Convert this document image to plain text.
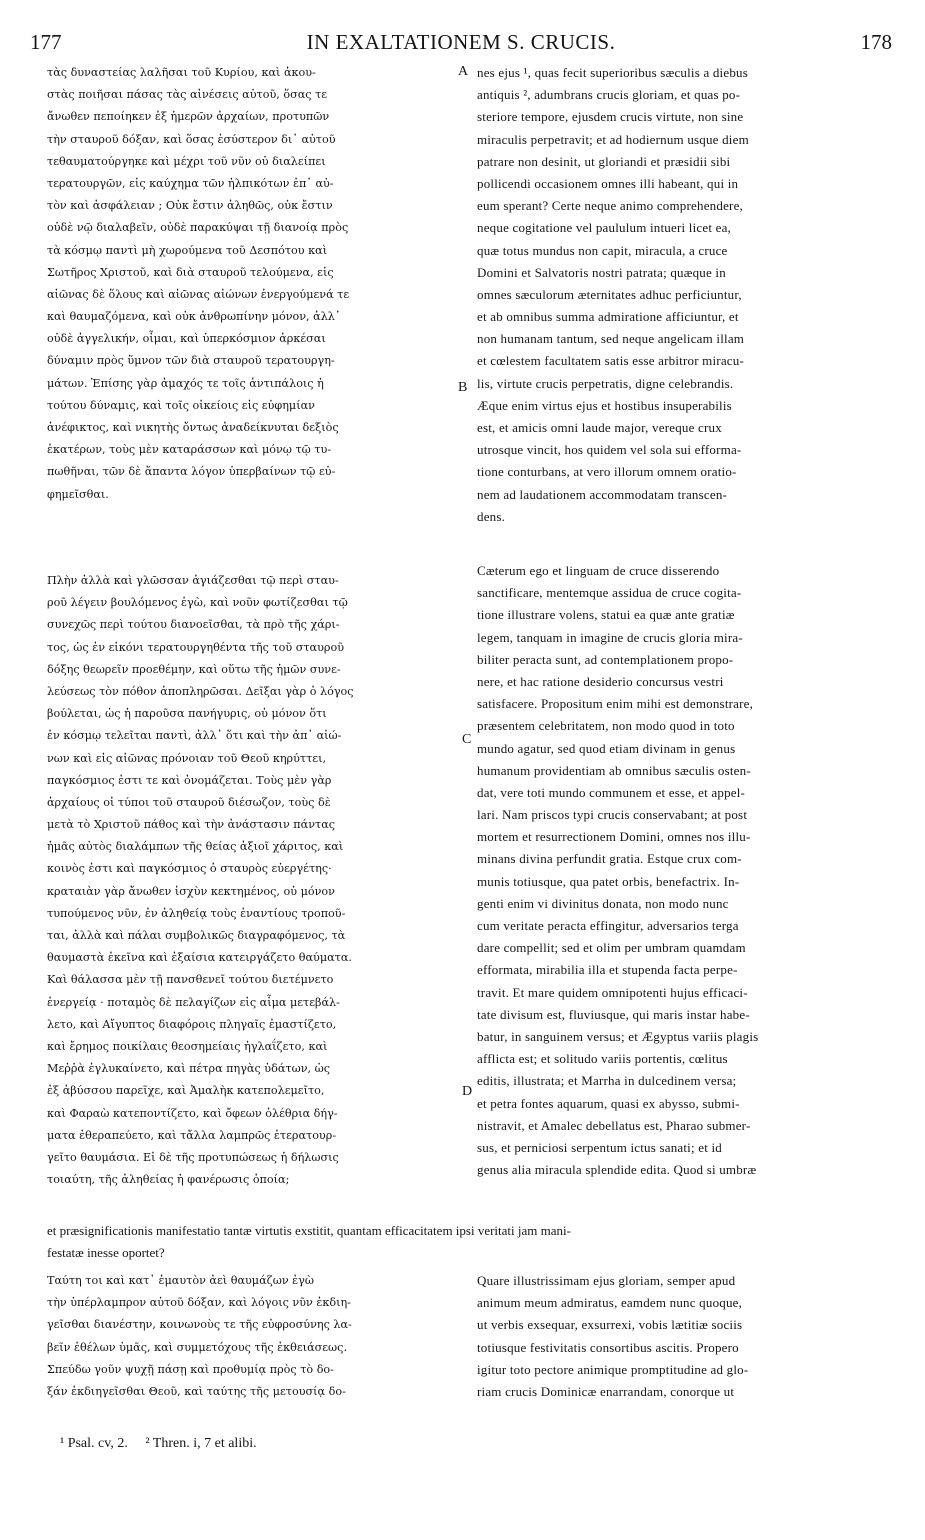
177	IN EXALTATIONEM S. CRUCIS.	178
τὰς δυναστείας λαλῆσαι τοῦ Κυρίου, καὶ ἀκου-
στὰς ποιῆσαι πάσας τὰς αἰνέσεις αὐτοῦ, ὅσας τε
ἄνωθεν πεποίηκεν ἐξ ἡμερῶν ἀρχαίων, προτυπῶν
τὴν σταυροῦ δόξαν, καὶ ὅσας ἑσύστερον δι᾿ αὐτοῦ
τεθαυματούργηκε καὶ μέχρι τοῦ νῦν οὐ διαλείπει
τερατουργῶν, εἰς καύχημα τῶν ἠλπικότων ἐπ᾿ αὐ-
τὸν καὶ ἀσφάλειαν ; Οὐκ ἔστιν ἀληθῶς, οὐκ ἔστιν
οὐδὲ νῷ διαλαβεῖν, οὐδὲ παρακύψαι τῇ διανοίᾳ πρὸς
τὰ κόσμῳ παντὶ μὴ χωρούμενα τοῦ Δεσπότου καὶ
Σωτῆρος Χριστοῦ, καὶ διὰ σταυροῦ τελούμενα, εἰς
αἰῶνας δὲ ὅλους καὶ αἰῶνας αἰώνων ἐνεργούμενά τε
καὶ θαυμαζόμενα, καὶ οὐκ ἀνθρωπίνην μόνον, ἀλλ᾿
οὐδὲ ἀγγελικήν, οἶμαι, καὶ ὑπερκόσμιον ἀρκέσαι
δύναμιν πρὸς ὕμνον τῶν διὰ σταυροῦ τερατουργη-
μάτων. Ἐπίσης γὰρ ἀμαχός τε τοῖς ἀντιπάλοις ἡ
τούτου δύναμις, καὶ τοῖς οἰκείοις εἰς εὐφημίαν
ἀνέφικτος, καὶ νικητὴς ὄντως ἀναδείκνυται δεξιὸς
ἑκατέρων, τοὺς μὲν καταράσσων καὶ μόνῳ τῷ τυ-
πωθῆναι, τῶν δὲ ἅπαντα λόγον ὑπερβαίνων τῷ εὐ-
φημεῖσθαι.
Πλὴν ἀλλὰ καὶ γλῶσσαν ἁγιάζεσθαι τῷ περὶ σταυ-
ροῦ λέγειν βουλόμενος ἐγὼ, καὶ νοῦν φωτίζεσθαι τῷ
συνεχῶς περὶ τούτου διανοεῖσθαι, τὰ πρὸ τῆς χάρι-
τος, ὡς ἐν εἰκόνι τερατουργηθέντα τῆς τοῦ σταυροῦ
δόξης θεωρεῖν προεθέμην, καὶ οὕτω τῆς ἡμῶν συνε-
λεύσεως τὸν πόθον ἀποπληρῶσαι. Δεῖξαι γὰρ ὁ λόγος
βούλεται, ὡς ἡ παροῦσα πανήγυρις, οὐ μόνον ὅτι
ἐν κόσμῳ τελεῖται παντὶ, ἀλλ᾿ ὅτι καὶ τὴν ἀπ᾿ αἰώ-
νων καὶ εἰς αἰῶνας πρόνοιαν τοῦ Θεοῦ κηρύττει,
παγκόσμιος ἐστι τε καὶ ὀνομάζεται. Τοὺς μὲν γὰρ
ἀρχαίους οἱ τύποι τοῦ σταυροῦ διέσωζον, τοὺς δὲ
μετὰ τὸ Χριστοῦ πάθος καὶ τὴν ἀνάστασιν πάντας
ἡμᾶς αὐτὸς διαλάμπων τῆς θείας ἀξιοῖ χάριτος, καὶ
κοινὸς ἐστι καὶ παγκόσμιος ὁ σταυρὸς εὐεργέτης·
κραταιὰν γὰρ ἄνωθεν ἰσχὺν κεκτημένος, οὐ μόνον
τυπούμενος νῦν, ἐν ἀληθείᾳ τοὺς ἐναντίους τροποῦ-
ται, ἀλλὰ καὶ πάλαι συμβολικῶς διαγραφόμενος, τὰ
θαυμαστὰ ἐκεῖνα καὶ ἐξαίσια κατειργάζετο θαύματα.
Καὶ θάλασσα μὲν τῇ πανσθενεῖ τούτου διετέμνετο
ἐνεργείᾳ · ποταμὸς δὲ πελαγίζων εἰς αἷμα μετεβάλ-
λετο, καὶ Αἴγυπτος διαφόροις πληγαῖς ἐμαστίζετο,
καὶ ἔρημος ποικίλαις θεοσημείαις ἠγλαΐζετο, καὶ
Μεῤῥὰ ἐγλυκαίνετο, καὶ πέτρα πηγὰς ὑδάτων, ὡς
ἐξ ἀβύσσου παρεῖχε, καὶ Ἀμαλὴκ κατεπολεμεῖτο,
καὶ Φαραὼ κατεποντίζετο, καὶ ὄφεων ὀλέθρια δήγ-
ματα ἐθεραπεύετο, καὶ τἄλλα λαμπρῶς ἐτερατουρ-
γεῖτο θαυμάσια. Εἰ δὲ τῆς προτυπώσεως ἡ δήλωσις
τοιαύτη, τῆς ἀληθείας ἡ φανέρωσις ὁποία;
nes ejus ¹, quas fecit superioribus sæculis a diebus
antiquis ², adumbrans crucis gloriam, et quas po-
steriore tempore, ejusdem crucis virtute, non sine
miraculis perpetravit; et ad hodiernum usque diem
patrare non desinit, ut gloriandi et præsidii sibi
pollicendi occasionem omnes illi habeant, qui in
eum sperant? Certe neque animo comprehendere,
neque cogitatione vel paululum intueri licet ea,
quæ totus mundus non capit, miracula, a cruce
Domini et Salvatoris nostri patrata; quæque in
omnes sæculorum æternitates adhuc perficiuntur,
et ab omnibus summa admiratione afficiuntur, et
non humanam tantum, sed neque angelicam illam
et cœlestem facultatem satis esse arbitror miracu-
lis, virtute crucis perpetratis, digne celebrandis.
Æque enim virtus ejus et hostibus insuperabilis
est, et amicis omni laude major, vereque crux
utrosque vincit, hos quidem vel sola sui efforma-
tione conturbans, at vero illorum omnem oratio-
nem ad laudationem accommodatam transcen-
dens.
Cæterum ego et linguam de cruce disserendo
sanctificare, mentemque assidua de cruce cogita-
tione illustrare volens, statui ea quæ ante gratiæ
legem, tanquam in imagine de crucis gloria mira-
biliter peracta sunt, ad contemplationem propo-
nere, et hac ratione desiderio concursus vestri
satisfacere. Propositum enim mihi est demonstrare,
præsentem celebritatem, non modo quod in toto
mundo agatur, sed quod etiam divinam in genus
humanum providentiam ab omnibus sæculis osten-
dat, vere toti mundo communem et esse, et appel-
lari. Nam priscos typi crucis conservabant; at post
mortem et resurrectionem Domini, omnes nos illu-
minans divina perfundit gratia. Estque crux com-
munis totiusque, qua patet orbis, benefactrix. In-
genti enim vi divinitus donata, non modo nunc
cum veritate peracta effingitur, adversarios terga
dare compellit; sed et olim per umbram quamdam
efformata, mirabilia illa et stupenda facta perpe-
travit. Et mare quidem omnipotenti hujus efficaci-
tate divisum est, fluviusque, qui maris instar habe-
batur, in sanguinem versus; et Ægyptus variis plagis
afflicta est; et solitudo variis portentis, cœlitus
editis, illustrata; et Marrha in dulcedinem versa;
et petra fontes aquarum, quasi ex abysso, submi-
nistravit, et Amalec debellatus est, Pharao submer-
sus, et perniciosi serpentum ictus sanati; et id
genus alia miracula splendide edita. Quod si umbræ
A
B
C
D
et præsignificationis manifestatio tantæ virtutis exstitit, quantam efficacitatem ipsi veritati jam mani-
festatæ inesse oportet?
Ταύτη τοι καὶ κατ᾿ ἐμαυτὸν ἀεὶ θαυμάζων ἐγὼ
τὴν ὑπέρλαμπρον αὐτοῦ δόξαν, καὶ λόγοις νῦν ἐκδιη-
γεῖσθαι διανέστην, κοινωνοὺς τε τῆς εὐφροσύνης λα-
βεῖν ἐθέλων ὑμᾶς, καὶ συμμετόχους τῆς ἐκθειάσεως.
Σπεύδω γοῦν ψυχῇ πάσῃ καὶ προθυμίᾳ πρὸς τὸ δο-
ξάν ἐκδιηγεῖσθαι Θεοῦ, καὶ ταύτης τῆς μετουσίᾳ δο-
Quare illustrissimam ejus gloriam, semper apud
animum meum admiratus, eamdem nunc quoque,
ut verbis exsequar, exsurrexi, vobis lætitiæ sociis
totiusque festivitatis consortibus ascitis. Propero
igitur toto pectore animique promptitudine ad glo-
riam crucis Dominicæ enarrandam, conorque ut
¹ Psal. cv, 2. ² Thren. i, 7 et alibi.
